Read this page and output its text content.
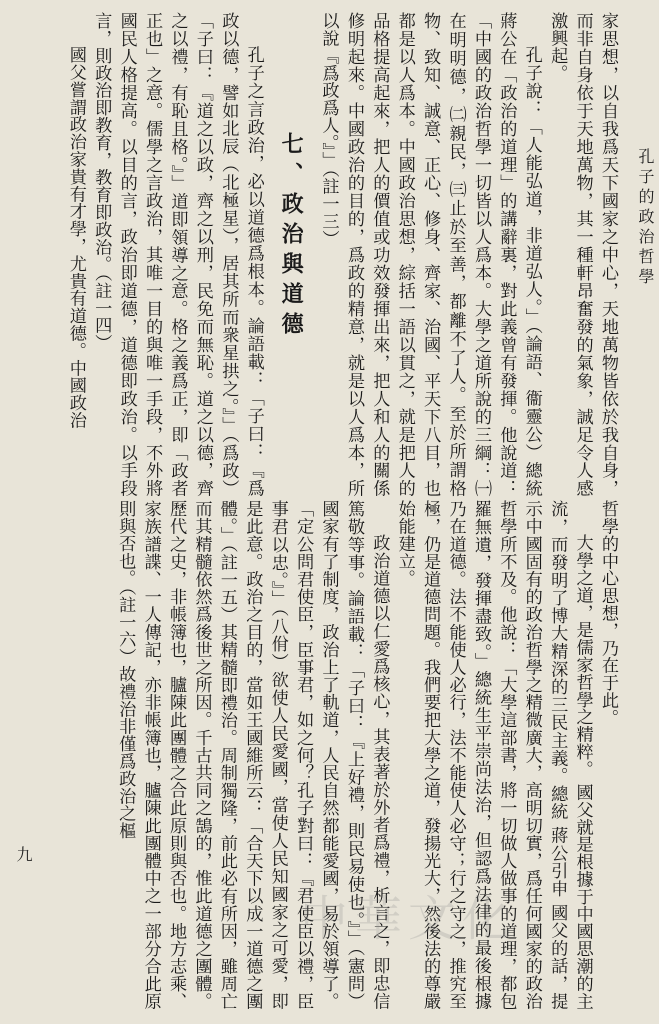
孔子的政治哲學
九

家思想，以自我爲天下國家之中心，天地萬物皆依於我自身，而非自身依于天地萬物，其一種軒昂奮發的氣象，誠足令人感激興起。

孔子說：「人能弘道，非道弘人。」（論語、衞靈公）總統 蔣公在「政治的道理」的講辭裏，對此義曾有發揮。他說道：「中國的政治哲學一切皆以人爲本。大學之道所說的三綱：㈠在明明德，㈡親民，㈢止於至善，都離不了人。至於所謂格物、致知、誠意、正心、修身、齊家、治國、平天下八目，也都是以人爲本。中國政治思想，綜括一語以貫之，就是把人的品格提高起來，把人的價值或功效發揮出來，把人和人的關係修明起來。中國政治的目的，爲政的精意，就是以人爲本，所以說『爲政爲人。』」（註一三）

七、政治與道德

孔子之言政治，必以道德爲根本。論語載：「子曰：『爲政以德，譬如北辰（北極星），居其所而衆星拱之。』」（爲政）「子曰：『道之以政，齊之以刑，民免而無恥。道之以德，齊之以禮，有恥且格。』」道即領導之意。格之義爲正，即「政者正也」之意。儒學之言政治，其唯一目的與唯一手段，不外將國民人格提高。以目的言，政治即道德，道德即政治。以手段言，則政治即教育，教育即政治。（註一四）

國父嘗謂政治家貴有才學，尤貴有道德。中國政治

哲學的中心思想，乃在于此。

大學之道，是儒家哲學之精粹。 國父就是根據于中國思潮的主流，而發明了博大精深的三民主義。總統 蔣公引申 國父的話，提示中國固有的政治哲學之精微廣大，高明切實，爲任何國家的政治哲學所不及。他說：「大學這部書，將一切做人做事的道理，都包羅無遺，發揮盡致。」總統生平崇尚法治，但認爲法律的最後根據乃在道德。法不能使人必行，法不能使人必守；行之守之，推究至極，仍是道德問題。我們要把大學之道，發揚光大，然後法的尊嚴始能建立。

政治道德以仁愛爲核心，其表著於外者爲禮，析言之，即忠信篤敬等事。論語載：「子曰：『上好禮，則民易使也。』」（憲問）國家有了制度，政治上了軌道，人民自然都能愛國，易於領導了。「定公問君使臣，臣事君，如之何？孔子對曰：『君使臣以禮，臣事君以忠。』」（八佾）欲使人民愛國，當使人民知國家之可愛，即是此意。政治之目的，當如王國維所云：「合天下以成一道德之團體。」（註一五）其精髓即禮治。周制獨隆，前此必有所因，雖周亡而其精髓依然爲後世之所因。千古共同之鵠的，惟此道德之團體。歷代之史，非帳簿也，臚陳此團體之合此原則與否也。地方志乘、家族譜諜、一人傳記，亦非帳簿也，臚陳此團體中之一部分合此原則與否也。（註一六）故禮治非僅爲政治之樞

中華文化
